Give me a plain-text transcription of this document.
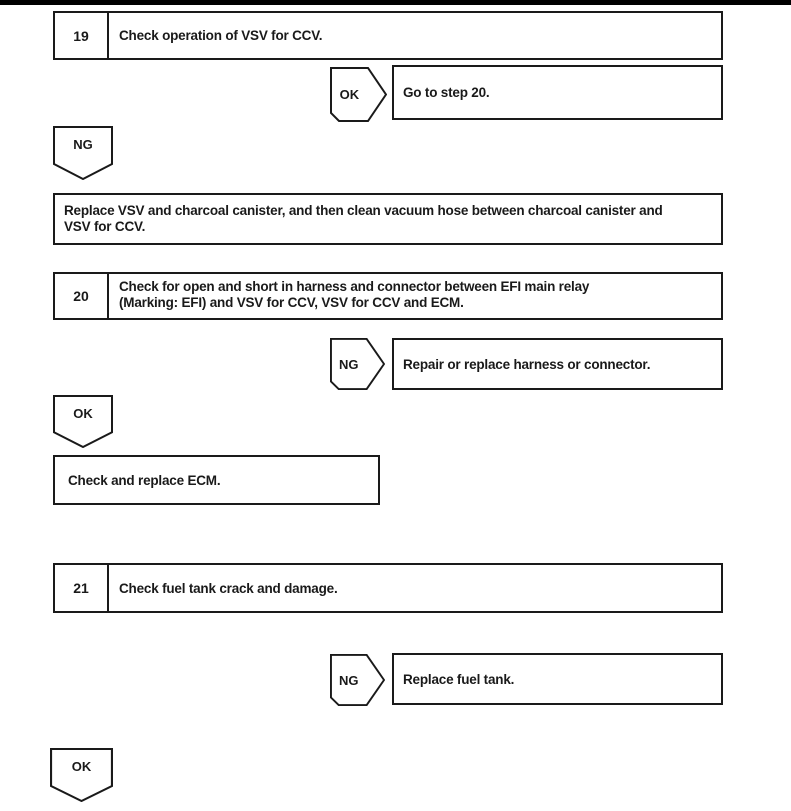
19	Check operation of VSV for CCV.
OK	Go to step 20.
NG
Replace VSV and charcoal canister, and then clean vacuum hose between charcoal canister and
VSV for CCV.
20
Check for open and short in harness and connector between EFI main relay
(Marking: EFI) and VSV for CCV, VSV for CCV and ECM.
NG	Repair or replace harness or connector.
OK
Check and replace ECM.
21	Check fuel tank crack and damage.
NG	Replace fuel tank.
OK
